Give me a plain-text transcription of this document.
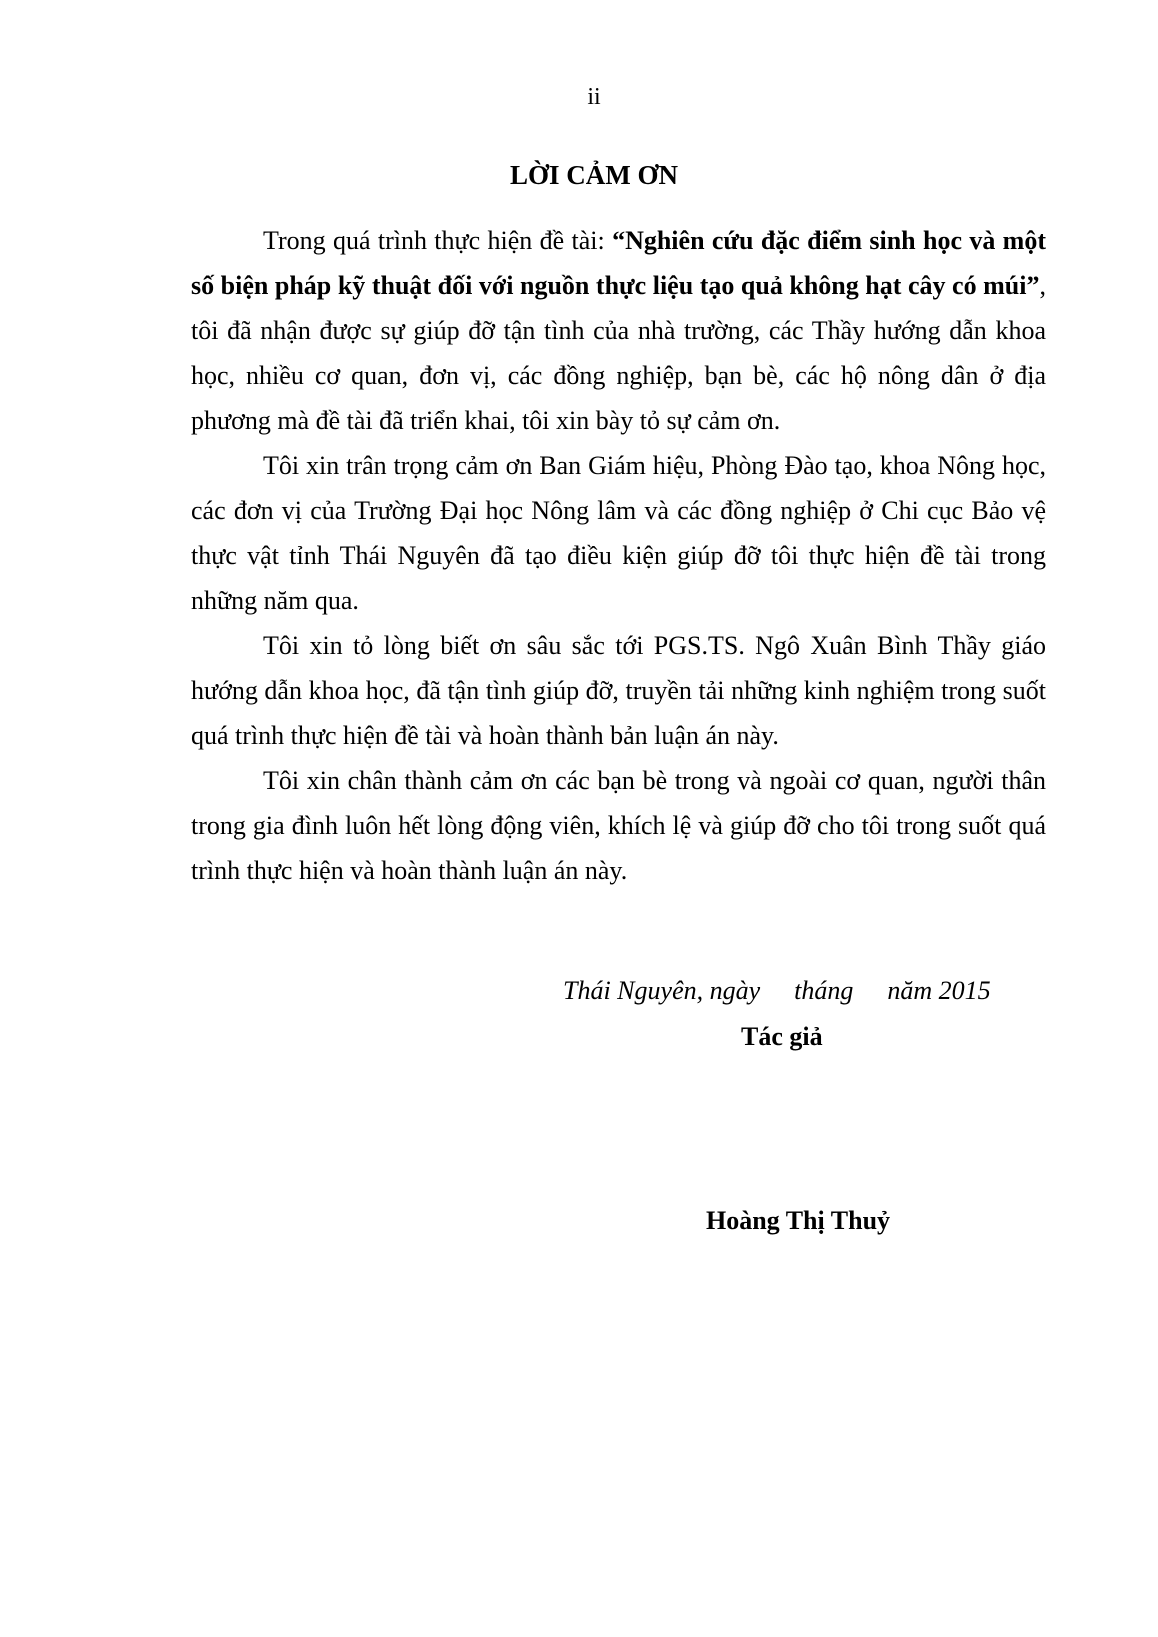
ii
LỜI CẢM ƠN

Trong quá trình thực hiện đề tài: “Nghiên cứu đặc điểm sinh học và một số biện pháp kỹ thuật đối với nguồn thực liệu tạo quả không hạt cây có múi”, tôi đã nhận được sự giúp đỡ tận tình của nhà trường, các Thầy hướng dẫn khoa học, nhiều cơ quan, đơn vị, các đồng nghiệp, bạn bè, các hộ nông dân ở địa phương mà đề tài đã triển khai, tôi xin bày tỏ sự cảm ơn.

Tôi xin trân trọng cảm ơn Ban Giám hiệu, Phòng Đào tạo, khoa Nông học, các đơn vị của Trường Đại học Nông lâm và các đồng nghiệp ở Chi cục Bảo vệ thực vật tỉnh Thái Nguyên đã tạo điều kiện giúp đỡ tôi thực hiện đề tài trong những năm qua.

Tôi xin tỏ lòng biết ơn sâu sắc tới PGS.TS. Ngô Xuân Bình Thầy giáo hướng dẫn khoa học, đã tận tình giúp đỡ, truyền tải những kinh nghiệm trong suốt quá trình thực hiện đề tài và hoàn thành bản luận án này.

Tôi xin chân thành cảm ơn các bạn bè trong và ngoài cơ quan, người thân trong gia đình luôn hết lòng động viên, khích lệ và giúp đỡ cho tôi trong suốt quá trình thực hiện và hoàn thành luận án này.

Thái Nguyên, ngày tháng năm 2015
Tác giả
Hoàng Thị Thuỷ
